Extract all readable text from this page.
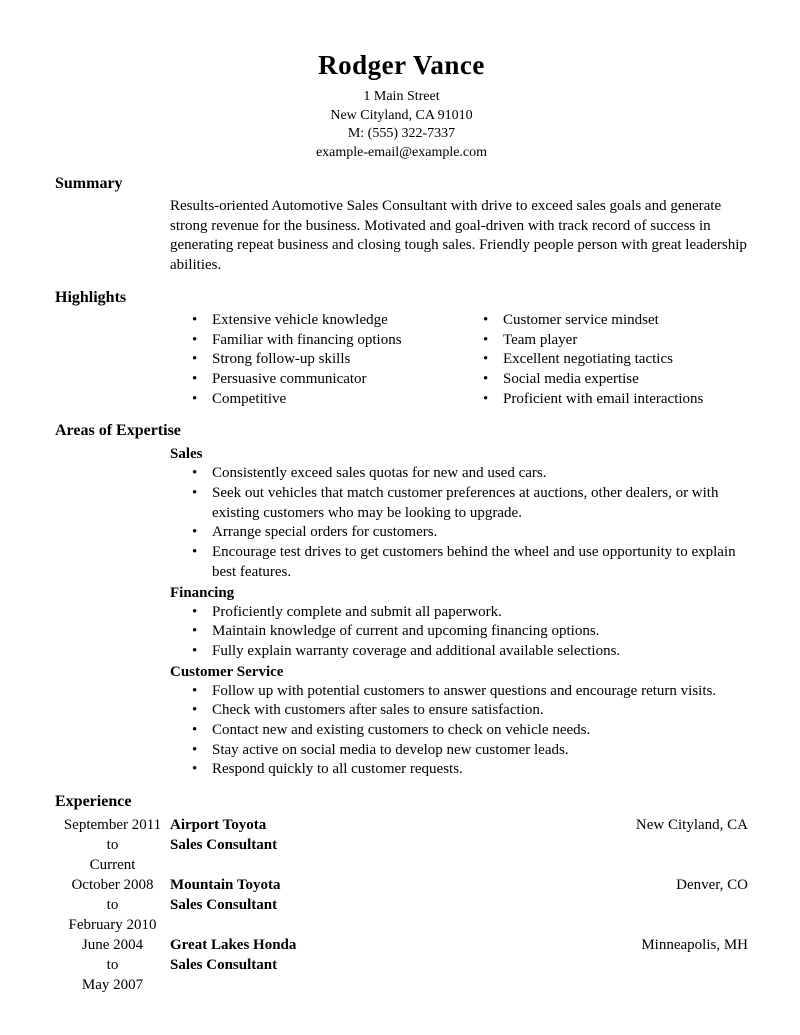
Rodger Vance
1 Main Street
New Cityland, CA 91010
M: (555) 322-7337
example-email@example.com
Summary

Results-oriented Automotive Sales Consultant with drive to exceed sales goals and generate strong revenue for the business. Motivated and goal-driven with track record of success in generating repeat business and closing tough sales. Friendly people person with great leadership abilities.

Highlights
• Extensive vehicle knowledge
• Familiar with financing options
• Strong follow-up skills
• Persuasive communicator
• Competitive
• Customer service mindset
• Team player
• Excellent negotiating tactics
• Social media expertise
• Proficient with email interactions
Areas of Expertise
Sales
• Consistently exceed sales quotas for new and used cars.
• Seek out vehicles that match customer preferences at auctions, other dealers, or with existing customers who may be looking to upgrade.
• Arrange special orders for customers.
• Encourage test drives to get customers behind the wheel and use opportunity to explain best features.
Financing
• Proficiently complete and submit all paperwork.
• Maintain knowledge of current and upcoming financing options.
• Fully explain warranty coverage and additional available selections.
Customer Service
• Follow up with potential customers to answer questions and encourage return visits.
• Check with customers after sales to ensure satisfaction.
• Contact new and existing customers to check on vehicle needs.
• Stay active on social media to develop new customer leads.
• Respond quickly to all customer requests.
Experience
September 2011
to
Current
Airport Toyota
Sales Consultant
New Cityland, CA
October 2008
to
February 2010
Mountain Toyota
Sales Consultant
Denver, CO
June 2004
to
May 2007
Great Lakes Honda
Sales Consultant
Minneapolis, MH
